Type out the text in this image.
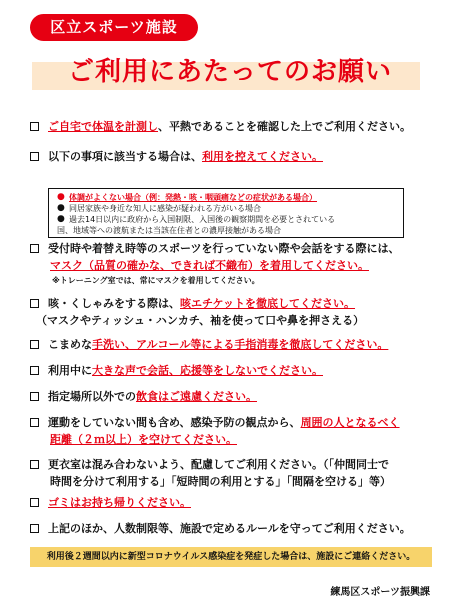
区立スポーツ施設
ご利用にあたってのお願い
ご自宅で体温を計測し、平熱であることを確認した上でご利用ください。
以下の事項に該当する場合は、利用を控えてください。
● 体調がよくない場合（例：発熱・咳・咽頭痛などの症状がある場合）
● 同居家族や身近な知人に感染が疑われる方がいる場合
● 過去14日以内に政府から入国制限、入国後の観察期間を必要とされている
国、地域等への渡航または当該在住者との濃厚接触がある場合
受付時や着替え時等のスポーツを行っていない際や会話をする際には、
マスク（品質の確かな、できれば不織布）を着用してください。
※トレーニング室では、常にマスクを着用してください。
咳・くしゃみをする際は、咳エチケットを徹底してください。
（マスクやティッシュ・ハンカチ、袖を使って口や鼻を押さえる）
こまめな手洗い、アルコール等による手指消毒を徹底してください。
利用中に大きな声で会話、応援等をしないでください。
指定場所以外での飲食はご遠慮ください。
運動をしていない間も含め、感染予防の観点から、周囲の人となるべく
距離（２ｍ以上）を空けてください。
更衣室は混み合わないよう、配慮してご利用ください。（「仲間同士で
時間を分けて利用する」「短時間の利用とする」「間隔を空ける」等）
ゴミはお持ち帰りください。
上記のほか、人数制限等、施設で定めるルールを守ってご利用ください。
利用後２週間以内に新型コロナウイルス感染症を発症した場合は、施設にご連絡ください。
練馬区スポーツ振興課
